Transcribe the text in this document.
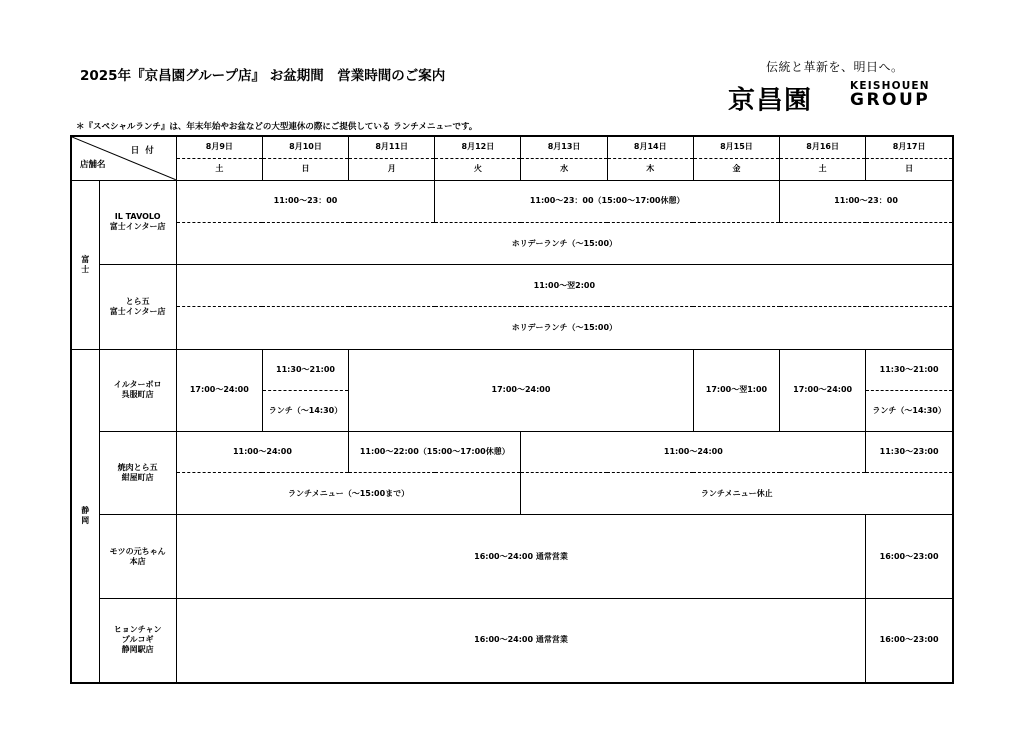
2025年『京昌園グループ店』 お盆期間　営業時間のご案内
＊『スペシャルランチ』は、年末年始やお盆などの大型連休の際にご提供している ランチメニューです。
伝統と革新を、明日へ。
京昌園	KEISHOUEN
GROUP
日付
店舗名		8月9日	8月10日	8月11日	8月12日	8月13日	8月14日	8月15日	8月16日	8月17日
		土	日	月	火	水	木	金	土	日
富
士	IL TAVOLO
富士インター店	11:00～23：00			11:00～23：00（15:00～17:00休憩）				11:00～23：00	
		ホリデーランチ（～15:00）								
	とら五
富士インター店	11:00～翌2:00								
		ホリデーランチ（～15:00）								
静
岡	イルターボロ
呉服町店	17:00～24:00	11:30～21:00	17:00～24:00				17:00～翌1:00	17:00～24:00	11:30～21:00
			ランチ（～14:30）							ランチ（～14:30）
	焼肉とら五
紺屋町店	11:00～24:00		11:00～22:00（15:00～17:00休憩）		11:00～24:00				11:30～23:00
		ランチメニュー（～15:00まで）				ランチメニュー休止				
	モツの元ちゃん
本店	16:00～24:00 通常営業								16:00～23:00

	ヒョンチャン
プルコギ
静岡駅店	16:00～24:00 通常営業								16:00～23:00
